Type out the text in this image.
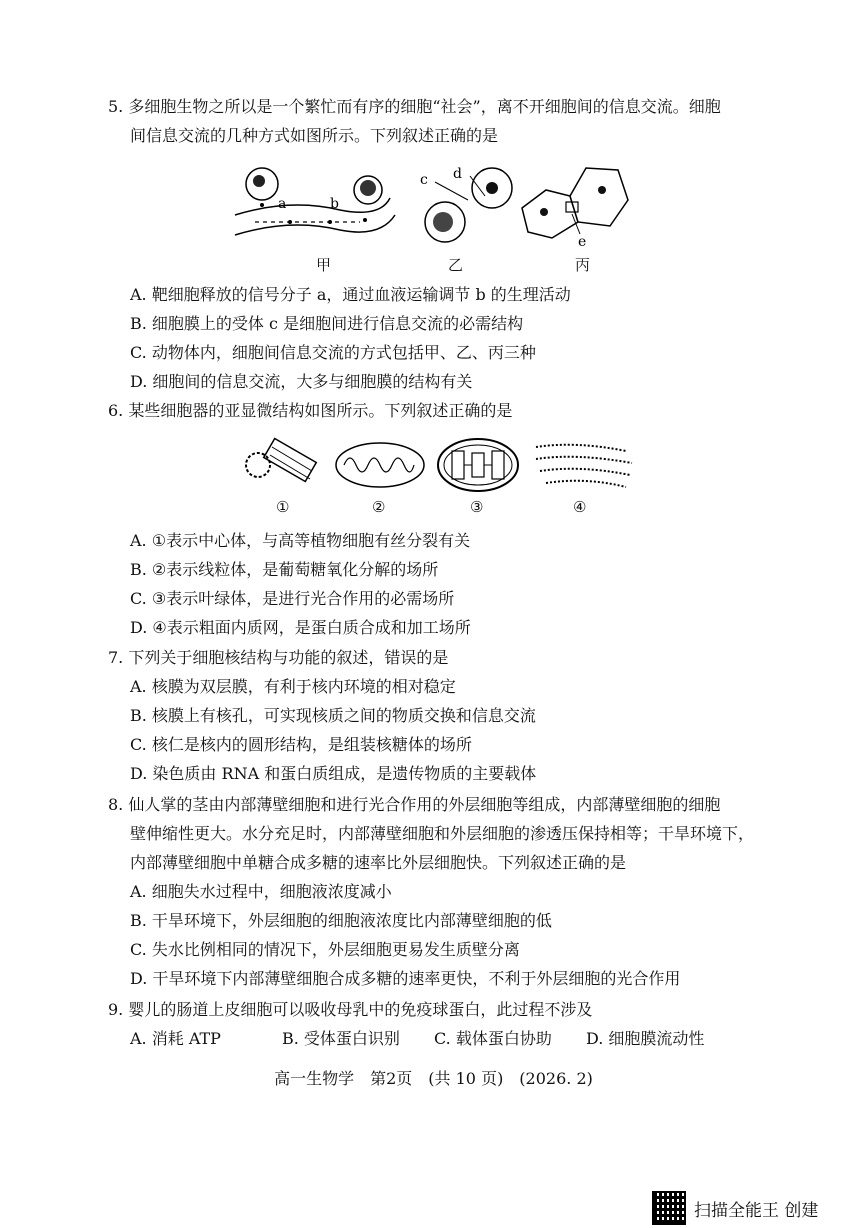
5. 多细胞生物之所以是一个繁忙而有序的细胞“社会”，离不开细胞间的信息交流。细胞
间信息交流的几种方式如图所示。下列叙述正确的是
a	b
c d
e
甲	乙	丙
A. 靶细胞释放的信号分子 a，通过血液运输调节 b 的生理活动
B. 细胞膜上的受体 c 是细胞间进行信息交流的必需结构
C. 动物体内，细胞间信息交流的方式包括甲、乙、丙三种
D. 细胞间的信息交流，大多与细胞膜的结构有关
6. 某些细胞器的亚显微结构如图所示。下列叙述正确的是
①	②	③	④
A. ①表示中心体，与高等植物细胞有丝分裂有关
B. ②表示线粒体，是葡萄糖氧化分解的场所
C. ③表示叶绿体，是进行光合作用的必需场所
D. ④表示粗面内质网，是蛋白质合成和加工场所
7. 下列关于细胞核结构与功能的叙述，错误的是
A. 核膜为双层膜，有利于核内环境的相对稳定
B. 核膜上有核孔，可实现核质之间的物质交换和信息交流
C. 核仁是核内的圆形结构，是组装核糖体的场所
D. 染色质由 RNA 和蛋白质组成，是遗传物质的主要载体
8. 仙人掌的茎由内部薄壁细胞和进行光合作用的外层细胞等组成，内部薄壁细胞的细胞
壁伸缩性更大。水分充足时，内部薄壁细胞和外层细胞的渗透压保持相等；干旱环境下，
内部薄壁细胞中单糖合成多糖的速率比外层细胞快。下列叙述正确的是
A. 细胞失水过程中，细胞液浓度减小
B. 干旱环境下，外层细胞的细胞液浓度比内部薄壁细胞的低
C. 失水比例相同的情况下，外层细胞更易发生质壁分离
D. 干旱环境下内部薄壁细胞合成多糖的速率更快，不利于外层细胞的光合作用
9. 婴儿的肠道上皮细胞可以吸收母乳中的免疫球蛋白，此过程不涉及
A. 消耗 ATP	B. 受体蛋白识别	C. 载体蛋白协助	D. 细胞膜流动性
高一生物学　第2页　(共 10 页)　(2026. 2)
扫描全能王 创建
